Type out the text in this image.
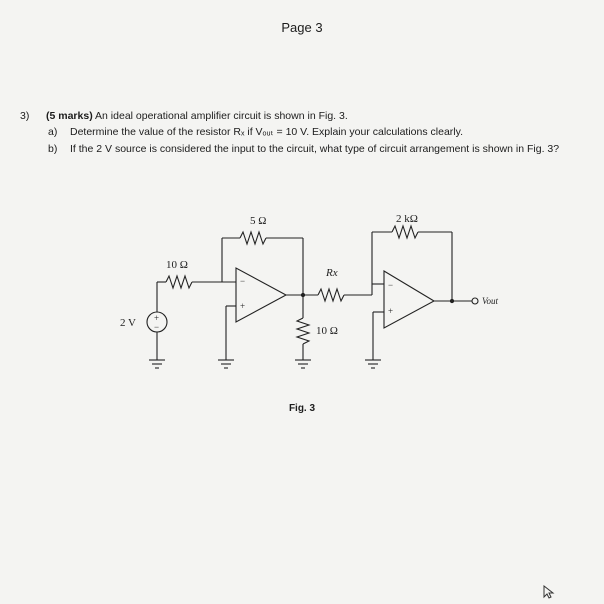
Page 3
3) (5 marks) An ideal operational amplifier circuit is shown in Fig. 3.
a)	Determine the value of the resistor Rₓ if Vₒᵤₜ = 10 V. Explain your calculations clearly.
b)	If the 2 V source is considered the input to the circuit, what type of circuit arrangement is shown in Fig. 3?
+
−
2 V
10 Ω
−
+
5 Ω
10 Ω
Rx
2 kΩ
−
+
Vout
Fig. 3
